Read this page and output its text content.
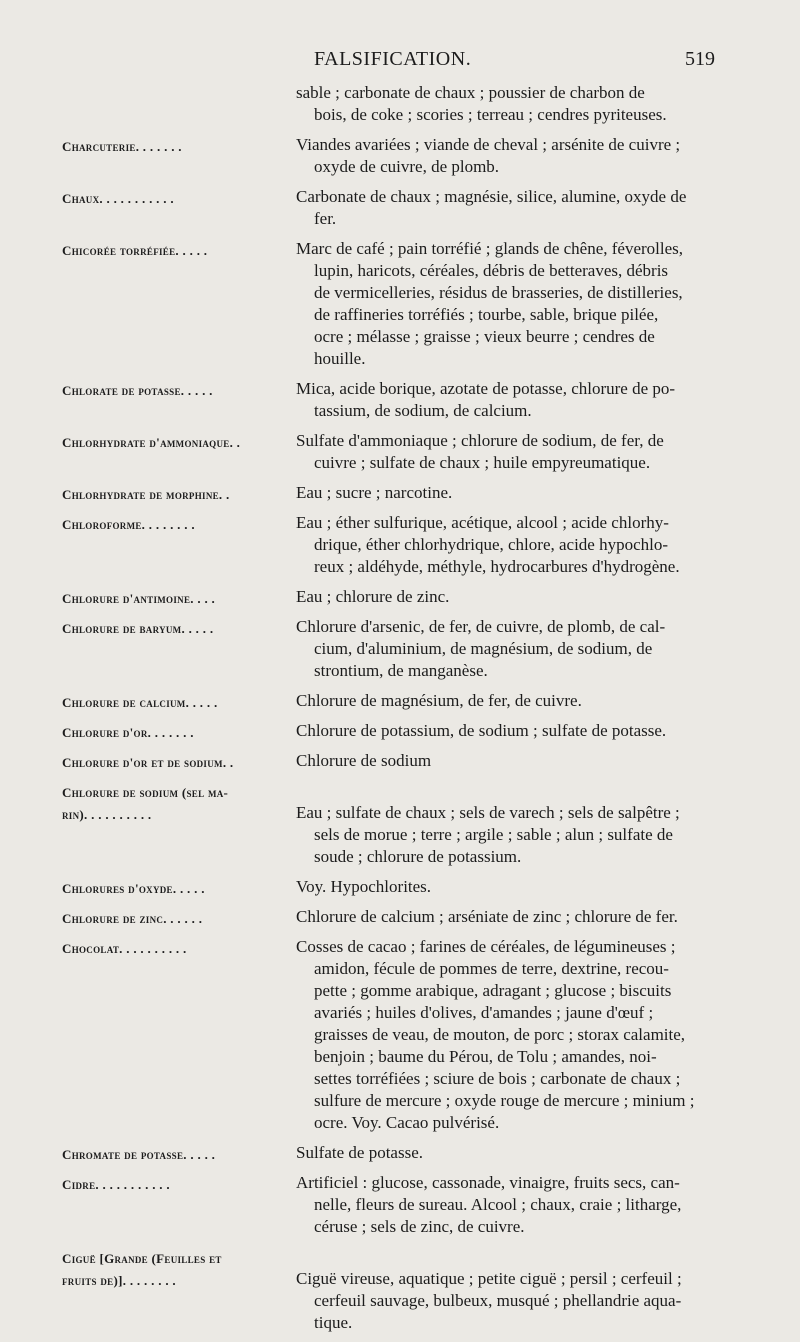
FALSIFICATION.	519
sable ; carbonate de chaux ; poussier de charbon de
bois, de coke ; scories ; terreau ; cendres pyriteuses.
Charcuterie. . . . . . .	Viandes avariées ; viande de cheval ; arsénite de cuivre ;
oxyde de cuivre, de plomb.
Chaux. . . . . . . . . . .	Carbonate de chaux ; magnésie, silice, alumine, oxyde de
fer.
Chicorée torréfiée. . . . .	Marc de café ; pain torréfié ; glands de chêne, féverolles,
lupin, haricots, céréales, débris de betteraves, débris
de vermicelleries, résidus de brasseries, de distilleries,
de raffineries torréfiés ; tourbe, sable, brique pilée,
ocre ; mélasse ; graisse ; vieux beurre ; cendres de
houille.
Chlorate de potasse. . . . .	Mica, acide borique, azotate de potasse, chlorure de po-
tassium, de sodium, de calcium.
Chlorhydrate d'ammoniaque. .	Sulfate d'ammoniaque ; chlorure de sodium, de fer, de
cuivre ; sulfate de chaux ; huile empyreumatique.
Chlorhydrate de morphine. .	Eau ; sucre ; narcotine.
Chloroforme. . . . . . . .	Eau ; éther sulfurique, acétique, alcool ; acide chlorhy-
drique, éther chlorhydrique, chlore, acide hypochlo-
reux ; aldéhyde, méthyle, hydrocarbures d'hydrogène.
Chlorure d'antimoine. . . .	Eau ; chlorure de zinc.
Chlorure de baryum. . . . .	Chlorure d'arsenic, de fer, de cuivre, de plomb, de cal-
cium, d'aluminium, de magnésium, de sodium, de
strontium, de manganèse.
Chlorure de calcium. . . . .	Chlorure de magnésium, de fer, de cuivre.
Chlorure d'or. . . . . . .	Chlorure de potassium, de sodium ; sulfate de potasse.
Chlorure d'or et de sodium. .	Chlorure de sodium
Chlorure de sodium (sel ma-
rin). . . . . . . . . .	Eau ; sulfate de chaux ; sels de varech ; sels de salpêtre ;
sels de morue ; terre ; argile ; sable ; alun ; sulfate de
soude ; chlorure de potassium.
Chlorures d'oxyde. . . . .	Voy. Hypochlorites.
Chlorure de zinc. . . . . .	Chlorure de calcium ; arséniate de zinc ; chlorure de fer.
Chocolat. . . . . . . . . .	Cosses de cacao ; farines de céréales, de légumineuses ;
amidon, fécule de pommes de terre, dextrine, recou-
pette ; gomme arabique, adragant ; glucose ; biscuits
avariés ; huiles d'olives, d'amandes ; jaune d'œuf ;
graisses de veau, de mouton, de porc ; storax calamite,
benjoin ; baume du Pérou, de Tolu ; amandes, noi-
settes torréfiées ; sciure de bois ; carbonate de chaux ;
sulfure de mercure ; oxyde rouge de mercure ; minium ;
ocre. Voy. Cacao pulvérisé.
Chromate de potasse. . . . .	Sulfate de potasse.
Cidre. . . . . . . . . . .	Artificiel : glucose, cassonade, vinaigre, fruits secs, can-
nelle, fleurs de sureau. Alcool ; chaux, craie ; litharge,
céruse ; sels de zinc, de cuivre.
Ciguë [Grande (Feuilles et
fruits de)]. . . . . . . .	Ciguë vireuse, aquatique ; petite ciguë ; persil ; cerfeuil ;
cerfeuil sauvage, bulbeux, musqué ; phellandrie aqua-
tique.
